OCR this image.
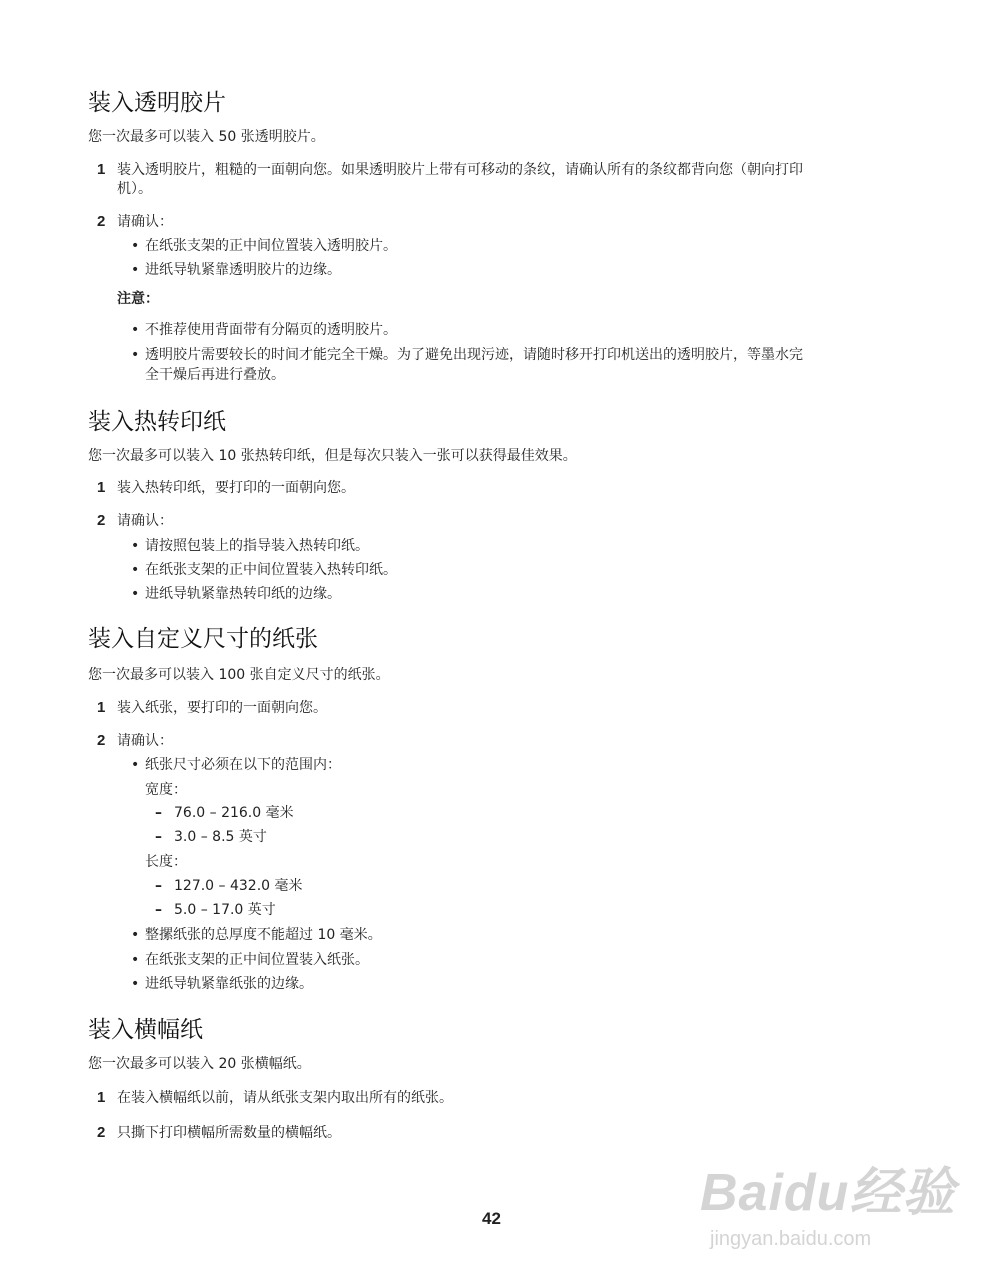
装入透明胶片
您一次最多可以装入 50 张透明胶片。
1 装入透明胶片，粗糙的一面朝向您。如果透明胶片上带有可移动的条纹，请确认所有的条纹都背向您（朝向打印
机）。
2 请确认：
• 在纸张支架的正中间位置装入透明胶片。
• 进纸导轨紧靠透明胶片的边缘。
注意：
• 不推荐使用背面带有分隔页的透明胶片。
• 透明胶片需要较长的时间才能完全干燥。为了避免出现污迹，请随时移开打印机送出的透明胶片，等墨水完
全干燥后再进行叠放。
装入热转印纸
您一次最多可以装入 10 张热转印纸，但是每次只装入一张可以获得最佳效果。
1 装入热转印纸，要打印的一面朝向您。
2 请确认：
• 请按照包装上的指导装入热转印纸。
• 在纸张支架的正中间位置装入热转印纸。
• 进纸导轨紧靠热转印纸的边缘。
装入自定义尺寸的纸张
您一次最多可以装入 100 张自定义尺寸的纸张。
1 装入纸张，要打印的一面朝向您。
2 请确认：
• 纸张尺寸必须在以下的范围内：
宽度：
– 76.0 – 216.0 毫米
– 3.0 – 8.5 英寸
长度：
– 127.0 – 432.0 毫米
– 5.0 – 17.0 英寸
• 整摞纸张的总厚度不能超过 10 毫米。
• 在纸张支架的正中间位置装入纸张。
• 进纸导轨紧靠纸张的边缘。
装入横幅纸
您一次最多可以装入 20 张横幅纸。
1 在装入横幅纸以前，请从纸张支架内取出所有的纸张。
2 只撕下打印横幅所需数量的横幅纸。
42	Baidu经验
jingyan.baidu.com
